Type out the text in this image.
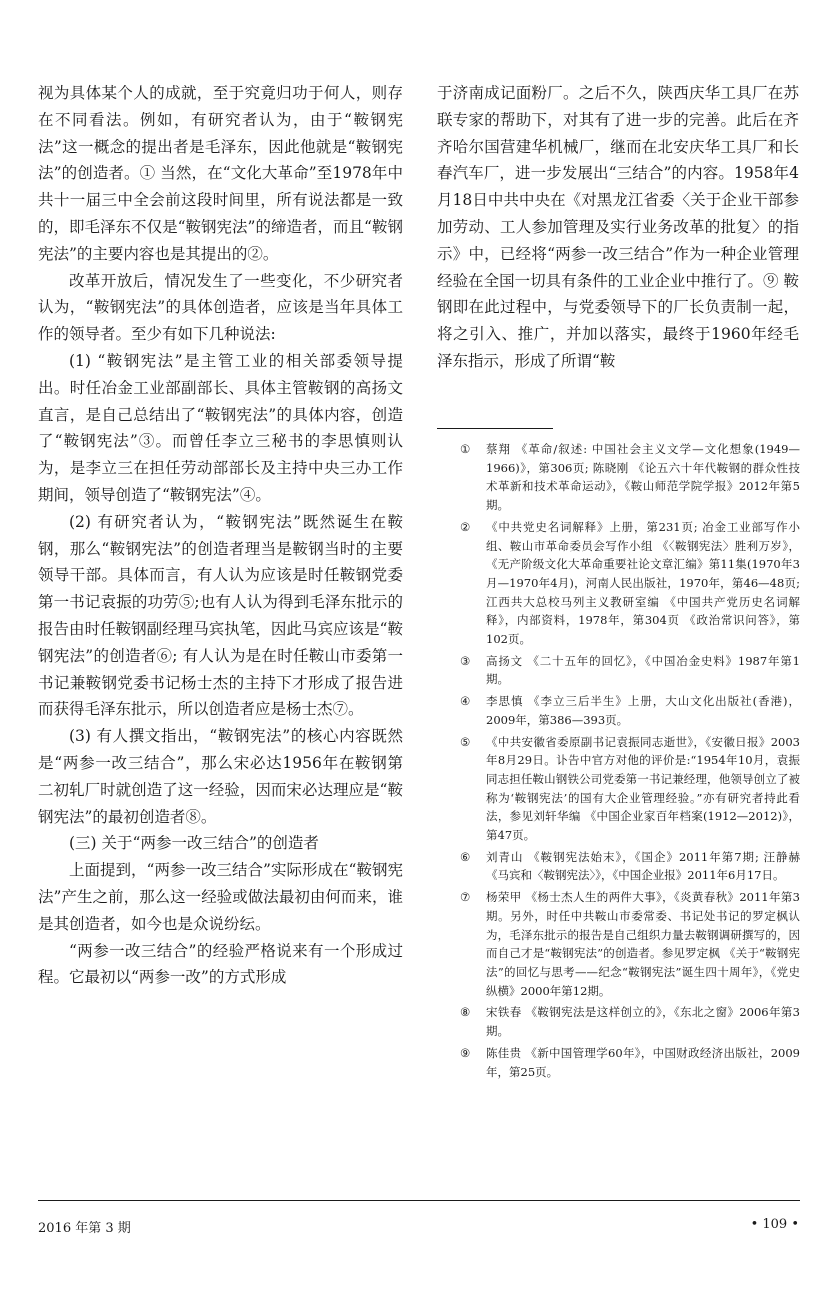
视为具体某个人的成就，至于究竟归功于何人，则存在不同看法。例如，有研究者认为，由于“鞍钢宪法”这一概念的提出者是毛泽东，因此他就是“鞍钢宪法”的创造者。① 当然，在“文化大革命”至1978年中共十一届三中全会前这段时间里，所有说法都是一致的，即毛泽东不仅是“鞍钢宪法”的缔造者，而且“鞍钢宪法”的主要内容也是其提出的②。

改革开放后，情况发生了一些变化，不少研究者认为，“鞍钢宪法”的具体创造者，应该是当年具体工作的领导者。至少有如下几种说法:

(1) “鞍钢宪法”是主管工业的相关部委领导提出。时任冶金工业部副部长、具体主管鞍钢的高扬文直言，是自己总结出了“鞍钢宪法”的具体内容，创造了“鞍钢宪法”③。而曾任李立三秘书的李思慎则认为，是李立三在担任劳动部部长及主持中央三办工作期间，领导创造了“鞍钢宪法”④。

(2) 有研究者认为，“鞍钢宪法”既然诞生在鞍钢，那么“鞍钢宪法”的创造者理当是鞍钢当时的主要领导干部。具体而言，有人认为应该是时任鞍钢党委第一书记袁振的功劳⑤;也有人认为得到毛泽东批示的报告由时任鞍钢副经理马宾执笔，因此马宾应该是“鞍钢宪法”的创造者⑥; 有人认为是在时任鞍山市委第一书记兼鞍钢党委书记杨士杰的主持下才形成了报告进而获得毛泽东批示，所以创造者应是杨士杰⑦。

(3) 有人撰文指出，“鞍钢宪法”的核心内容既然是“两参一改三结合”，那么宋必达1956年在鞍钢第二初轧厂时就创造了这一经验，因而宋必达理应是“鞍钢宪法”的最初创造者⑧。

(三) 关于“两参一改三结合”的创造者

上面提到，“两参一改三结合”实际形成在“鞍钢宪法”产生之前，那么这一经验或做法最初由何而来，谁是其创造者，如今也是众说纷纭。

“两参一改三结合”的经验严格说来有一个形成过程。它最初以“两参一改”的方式形成

于济南成记面粉厂。之后不久，陕西庆华工具厂在苏联专家的帮助下，对其有了进一步的完善。此后在齐齐哈尔国营建华机械厂，继而在北安庆华工具厂和长春汽车厂，进一步发展出“三结合”的内容。1958年4月18日中共中央在《对黑龙江省委〈关于企业干部参加劳动、工人参加管理及实行业务改革的批复〉的指示》中，已经将“两参一改三结合”作为一种企业管理经验在全国一切具有条件的工业企业中推行了。⑨ 鞍钢即在此过程中，与党委领导下的厂长负责制一起，将之引入、推广，并加以落实，最终于1960年经毛泽东指示，形成了所谓“鞍

①	蔡翔 《革命/叙述: 中国社会主义文学—文化想象(1949—1966)》，第306页; 陈晓刚 《论五六十年代鞍钢的群众性技术革新和技术革命运动》，《鞍山师范学院学报》2012年第5期。
②	《中共党史名词解释》上册，第231页; 冶金工业部写作小组、鞍山市革命委员会写作小组 《〈鞍钢宪法〉胜利万岁》，《无产阶级文化大革命重要社论文章汇编》第11集(1970年3月—1970年4月)，河南人民出版社，1970年，第46—48页; 江西共大总校马列主义教研室编 《中国共产党历史名词解释》，内部资料，1978年，第304页 《政治常识问答》，第102页。
③	高扬文 《二十五年的回忆》，《中国冶金史料》1987年第1期。
④	李思慎 《李立三后半生》上册，大山文化出版社(香港)，2009年，第386—393页。
⑤	《中共安徽省委原副书记袁振同志逝世》，《安徽日报》2003年8月29日。讣告中官方对他的评价是:“1954年10月，袁振同志担任鞍山钢铁公司党委第一书记兼经理，他领导创立了被称为‘鞍钢宪法’的国有大企业管理经验。”亦有研究者持此看法，参见刘轩华编 《中国企业家百年档案(1912—2012)》，第47页。
⑥	刘青山 《鞍钢宪法始末》，《国企》2011年第7期; 汪静赫 《马宾和〈鞍钢宪法〉》，《中国企业报》2011年6月17日。
⑦	杨荣甲 《杨士杰人生的两件大事》，《炎黄春秋》2011年第3期。另外，时任中共鞍山市委常委、书记处书记的罗定枫认为，毛泽东批示的报告是自己组织力量去鞍钢调研撰写的，因而自己才是“鞍钢宪法”的创造者。参见罗定枫 《关于“鞍钢宪法”的回忆与思考——纪念“鞍钢宪法”诞生四十周年》，《党史纵横》2000年第12期。
⑧	宋铁春 《鞍钢宪法是这样创立的》，《东北之窗》2006年第3期。
⑨	陈佳贵 《新中国管理学60年》，中国财政经济出版社，2009年，第25页。
2016 年第 3 期	• 109 •
